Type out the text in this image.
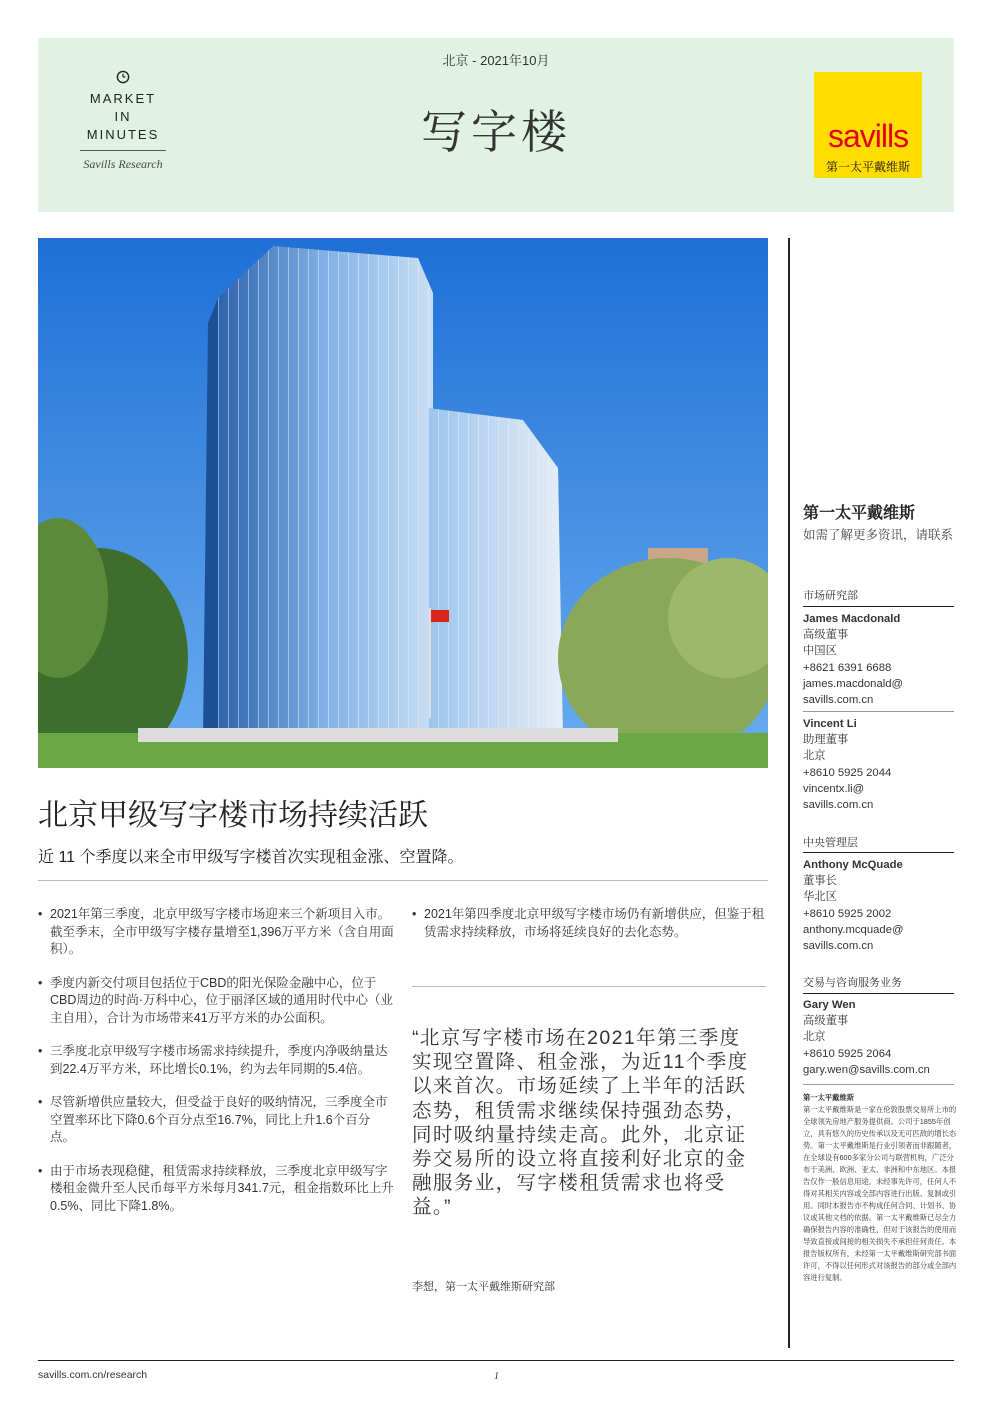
MARKET
IN
MINUTES
Savills Research
北京 - 2021年10月
写字楼	savills
第一太平戴维斯
北京甲级写字楼市场持续活跃

近 11 个季度以来全市甲级写字楼首次实现租金涨、空置降。

• 2021年第三季度，北京甲级写字楼市场迎来三个新项目入市。截至季末，全市甲级写字楼存量增至1,396万平方米（含自用面积）。
• 季度内新交付项目包括位于CBD的阳光保险金融中心，位于CBD周边的时尚·万科中心，位于丽泽区域的通用时代中心（业主自用），合计为市场带来41万平方米的办公面积。
• 三季度北京甲级写字楼市场需求持续提升，季度内净吸纳量达到22.4万平方米，环比增长0.1%，约为去年同期的5.4倍。
• 尽管新增供应量较大，但受益于良好的吸纳情况，三季度全市空置率环比下降0.6个百分点至16.7%，同比上升1.6个百分点。
• 由于市场表现稳健，租赁需求持续释放，三季度北京甲级写字楼租金微升至人民币每平方米每月341.7元，租金指数环比上升0.5%、同比下降1.8%。
• 2021年第四季度北京甲级写字楼市场仍有新增供应，但鉴于租赁需求持续释放，市场将延续良好的去化态势。

“北京写字楼市场在2021年第三季度实现空置降、租金涨，为近11个季度以来首次。市场延续了上半年的活跃态势，租赁需求继续保持强劲态势，同时吸纳量持续走高。此外，北京证券交易所的设立将直接利好北京的金融服务业，写字楼租赁需求也将受益。”

李想，第一太平戴维斯研究部
第一太平戴维斯
如需了解更多资讯，请联系
市场研究部
James Macdonald
高级董事
中国区
+8621 6391 6688
james.macdonald@
savills.com.cn
Vincent Li
助理董事
北京
+8610 5925 2044
vincentx.li@
savills.com.cn
中央管理层
Anthony McQuade
董事长
华北区
+8610 5925 2002
anthony.mcquade@
savills.com.cn
交易与咨询服务业务
Gary Wen
高级董事
北京
+8610 5925 2064
gary.wen@savills.com.cn
第一太平戴维斯
第一太平戴维斯是一家在伦敦股票交易所上市的全球领先房地产服务提供商。公司于1855年创立，具有悠久的历史传承以及无可匹敌的增长态势。第一太平戴维斯是行业引领者而非跟随者，在全球设有600多家分公司与联营机构，广泛分布于美洲、欧洲、亚太、非洲和中东地区。本报告仅作一般信息用途。未经事先许可，任何人不得对其相关内容或全部内容进行出版、复制或引用。同时本报告亦不构成任何合同、计划书、协议或其他文档的依据。第一太平戴维斯已尽全力确保报告内容的准确性，但对于该报告的使用而导致直接或间接的相关损失不承担任何责任。本报告版权所有，未经第一太平戴维斯研究部书面许可，不得以任何形式对该报告的部分或全部内容进行复制。
savills.com.cn/research	1
